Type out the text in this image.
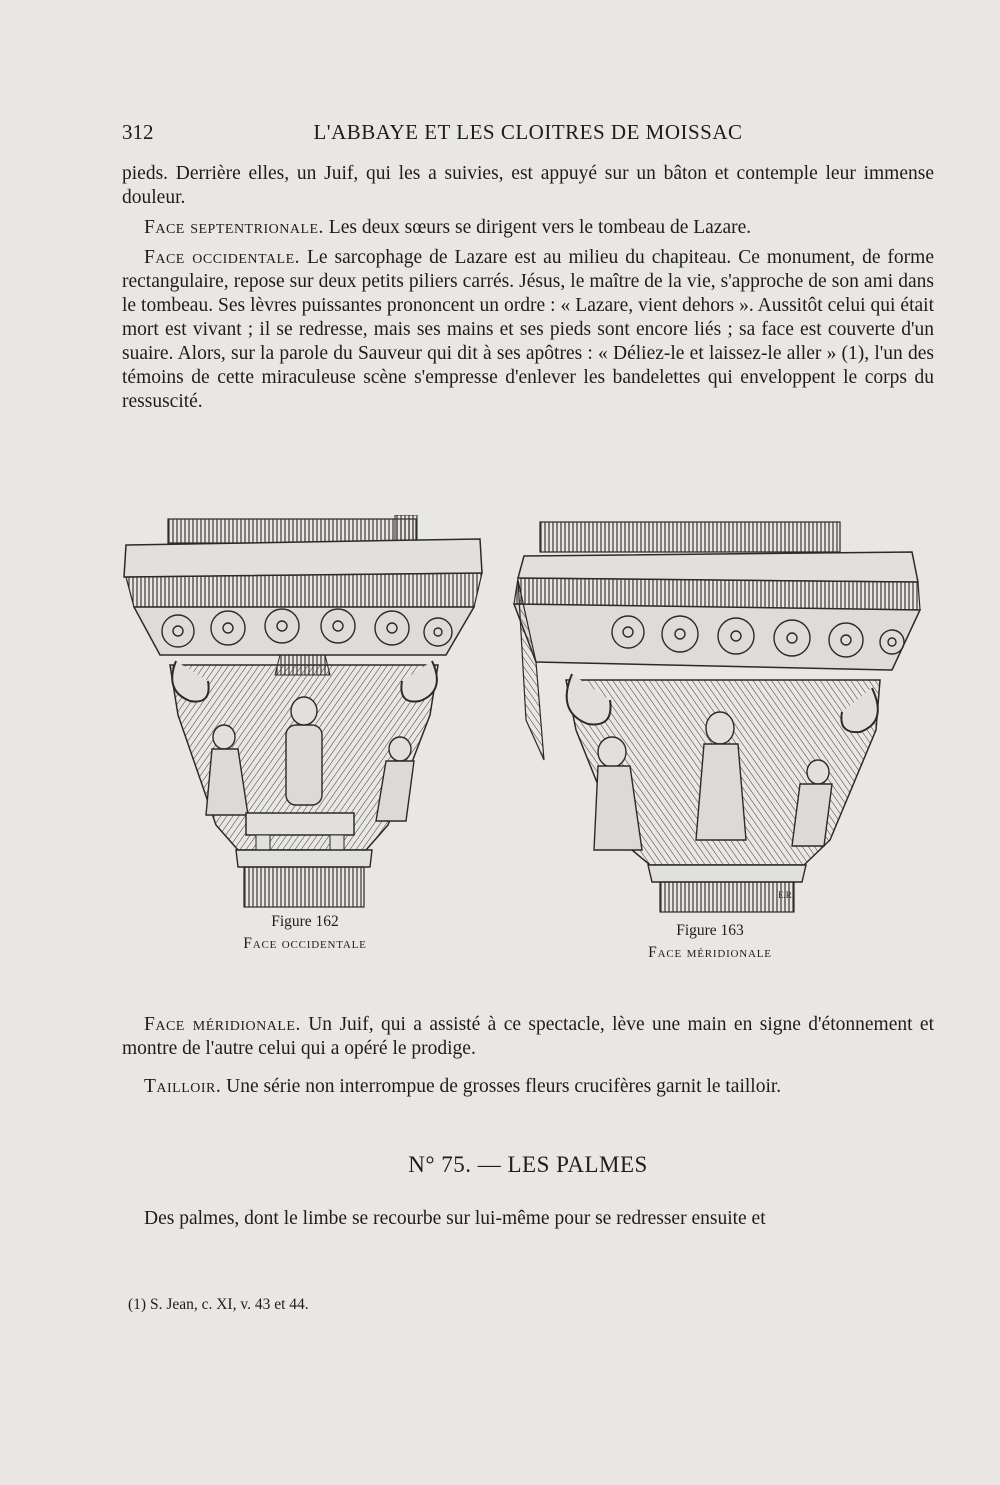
312	L'ABBAYE ET LES CLOITRES DE MOISSAC

pieds. Derrière elles, un Juif, qui les a suivies, est appuyé sur un bâton et contemple leur immense douleur.

Face septentrionale. Les deux sœurs se dirigent vers le tombeau de Lazare.

Face occidentale. Le sarcophage de Lazare est au milieu du chapiteau. Ce monument, de forme rectangulaire, repose sur deux petits piliers carrés. Jésus, le maître de la vie, s'approche de son ami dans le tombeau. Ses lèvres puissantes prononcent un ordre : « Lazare, vient dehors ». Aussitôt celui qui était mort est vivant ; il se redresse, mais ses mains et ses pieds sont encore liés ; sa face est couverte d'un suaire. Alors, sur la parole du Sauveur qui dit à ses apôtres : « Déliez-le et laissez-le aller » (1), l'un des témoins de cette miraculeuse scène s'empresse d'enlever les bandelettes qui enveloppent le corps du ressuscité.

Figure 162
Face occidentale
E.R.
Figure 163
Face méridionale

Face méridionale. Un Juif, qui a assisté à ce spectacle, lève une main en signe d'étonnement et montre de l'autre celui qui a opéré le prodige.

Tailloir. Une série non interrompue de grosses fleurs crucifères garnit le tailloir.

N° 75. — LES PALMES

Des palmes, dont le limbe se recourbe sur lui-même pour se redresser ensuite et

(1) S. Jean, c. XI, v. 43 et 44.
